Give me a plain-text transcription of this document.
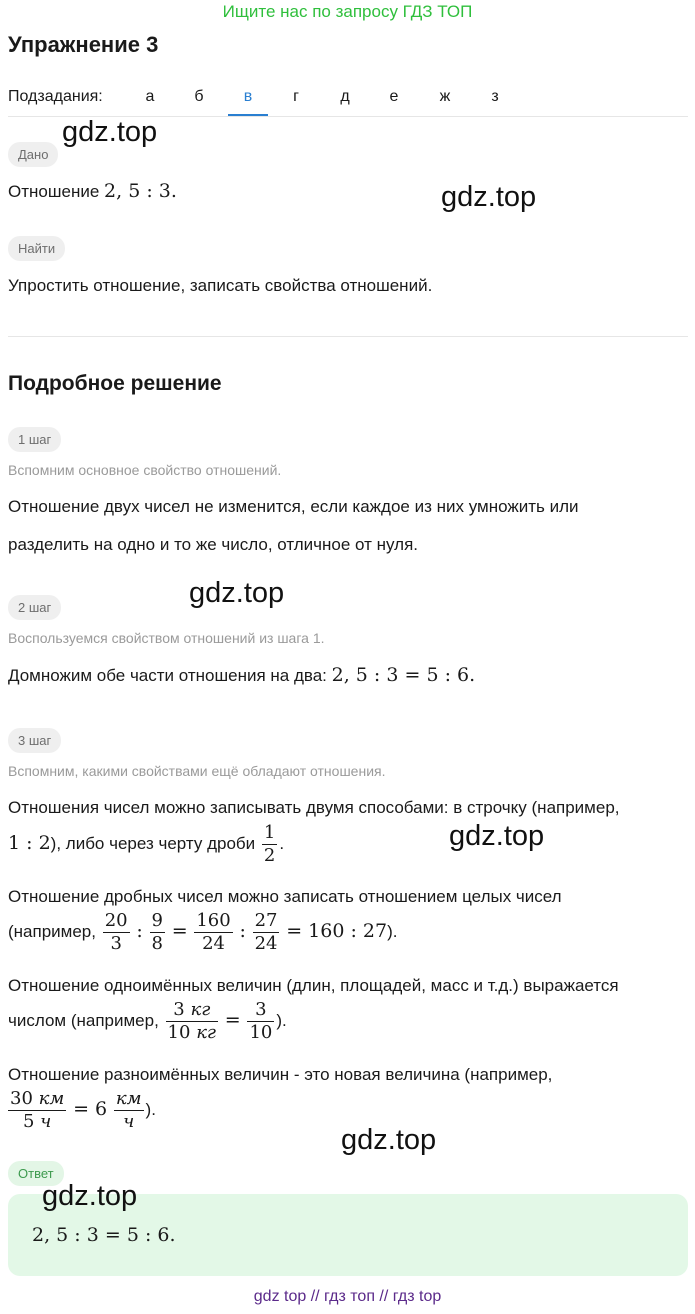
Ищите нас по запросу ГДЗ ТОП
Упражнение 3
Подзадания:	а	б	в	г	д	е	ж	з
Дано
Отношение 2, 5 : 3.
Найти
Упростить отношение, записать свойства отношений.
Подробное решение
1 шаг
Вспомним основное свойство отношений.
Отношение двух чисел не изменится, если каждое из них умножить или
разделить на одно и то же число, отличное от нуля.
2 шаг
Воспользуемся свойством отношений из шага 1.
Домножим обе части отношения на два: 2, 5 : 3 = 5 : 6.
3 шаг
Вспомним, какими свойствами ещё обладают отношения.
Отношения чисел можно записывать двумя способами: в строчку (например,
1 : 2), либо через черту дроби $\frac{1}{2}$ .
Отношение дробных чисел можно записать отношением целых чисел
(например, $\frac{20}{3}$ : $\frac{9}{8} = \frac{160}{24}$ : $\frac{27}{24} = 160$ : 27).
Отношение одноимённых величин (длин, площадей, масс и т.д.) выражается
числом (например, $\frac{3 кг}{10 кг} = \frac{3}{10}$ ).
Отношение разноимённых величин - это новая величина (например,
$\frac{30 км}{5 ч} = 6 \frac{км}{ч}$ ).
Ответ
2, 5 : 3 = 5 : 6.
gdz.top
gdz.top
gdz.top
gdz.top
gdz.top
gdz.top
gdz top // гдз топ // гдз top
